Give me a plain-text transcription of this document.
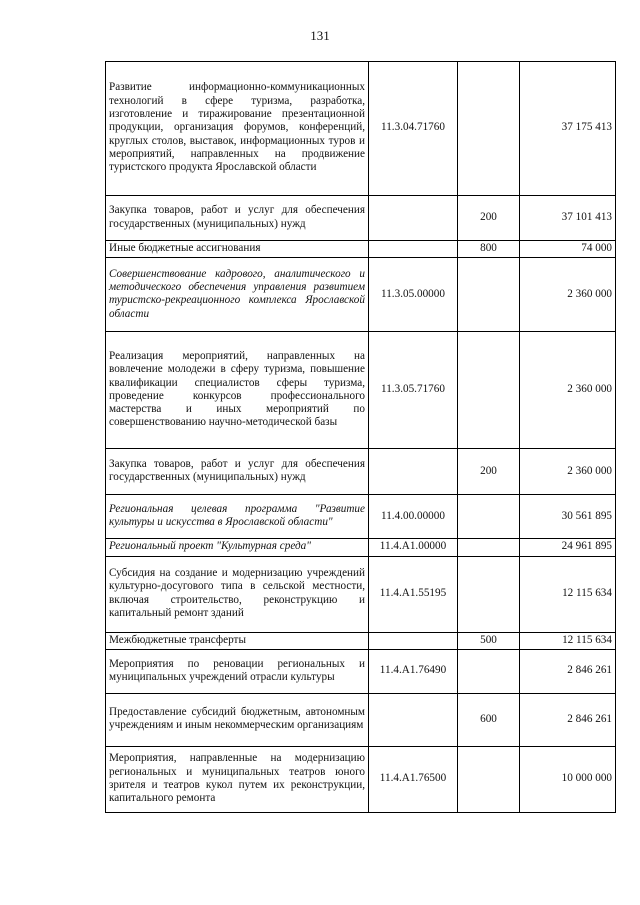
131
Развитие информационно-коммуникационных технологий в сфере туризма, разработка, изготовление и тиражирование презентационной продукции, организация форумов, конференций, круглых столов, выставок, информационных туров и мероприятий, направленных на продвижение туристского продукта Ярославской области	11.3.04.71760		37 175 413
Закупка товаров, работ и услуг для обеспечения государственных (муниципальных) нужд		200	37 101 413
Иные бюджетные ассигнования		800	74 000
Совершенствование кадрового, аналитического и методического обеспечения управления развитием туристско-рекреационного комплекса Ярославской области	11.3.05.00000		2 360 000
Реализация мероприятий, направленных на вовлечение молодежи в сферу туризма, повышение квалификации специалистов сферы туризма, проведение конкурсов профессионального мастерства и иных мероприятий по совершенствованию научно-методической базы	11.3.05.71760		2 360 000
Закупка товаров, работ и услуг для обеспечения государственных (муниципальных) нужд		200	2 360 000
Региональная целевая программа "Развитие культуры и искусства в Ярославской области"	11.4.00.00000		30 561 895
Региональный проект "Культурная среда"	11.4.A1.00000		24 961 895
Субсидия на создание и модернизацию учреждений культурно-досугового типа в сельской местности, включая строительство, реконструкцию и капитальный ремонт зданий	11.4.A1.55195		12 115 634
Межбюджетные трансферты		500	12 115 634
Мероприятия по реновации региональных и муниципальных учреждений отрасли культуры	11.4.A1.76490		2 846 261
Предоставление субсидий бюджетным, автономным учреждениям и иным некоммерческим организациям		600	2 846 261
Мероприятия, направленные на модернизацию региональных и муниципальных театров юного зрителя и театров кукол путем их реконструкции, капитального ремонта	11.4.A1.76500		10 000 000
